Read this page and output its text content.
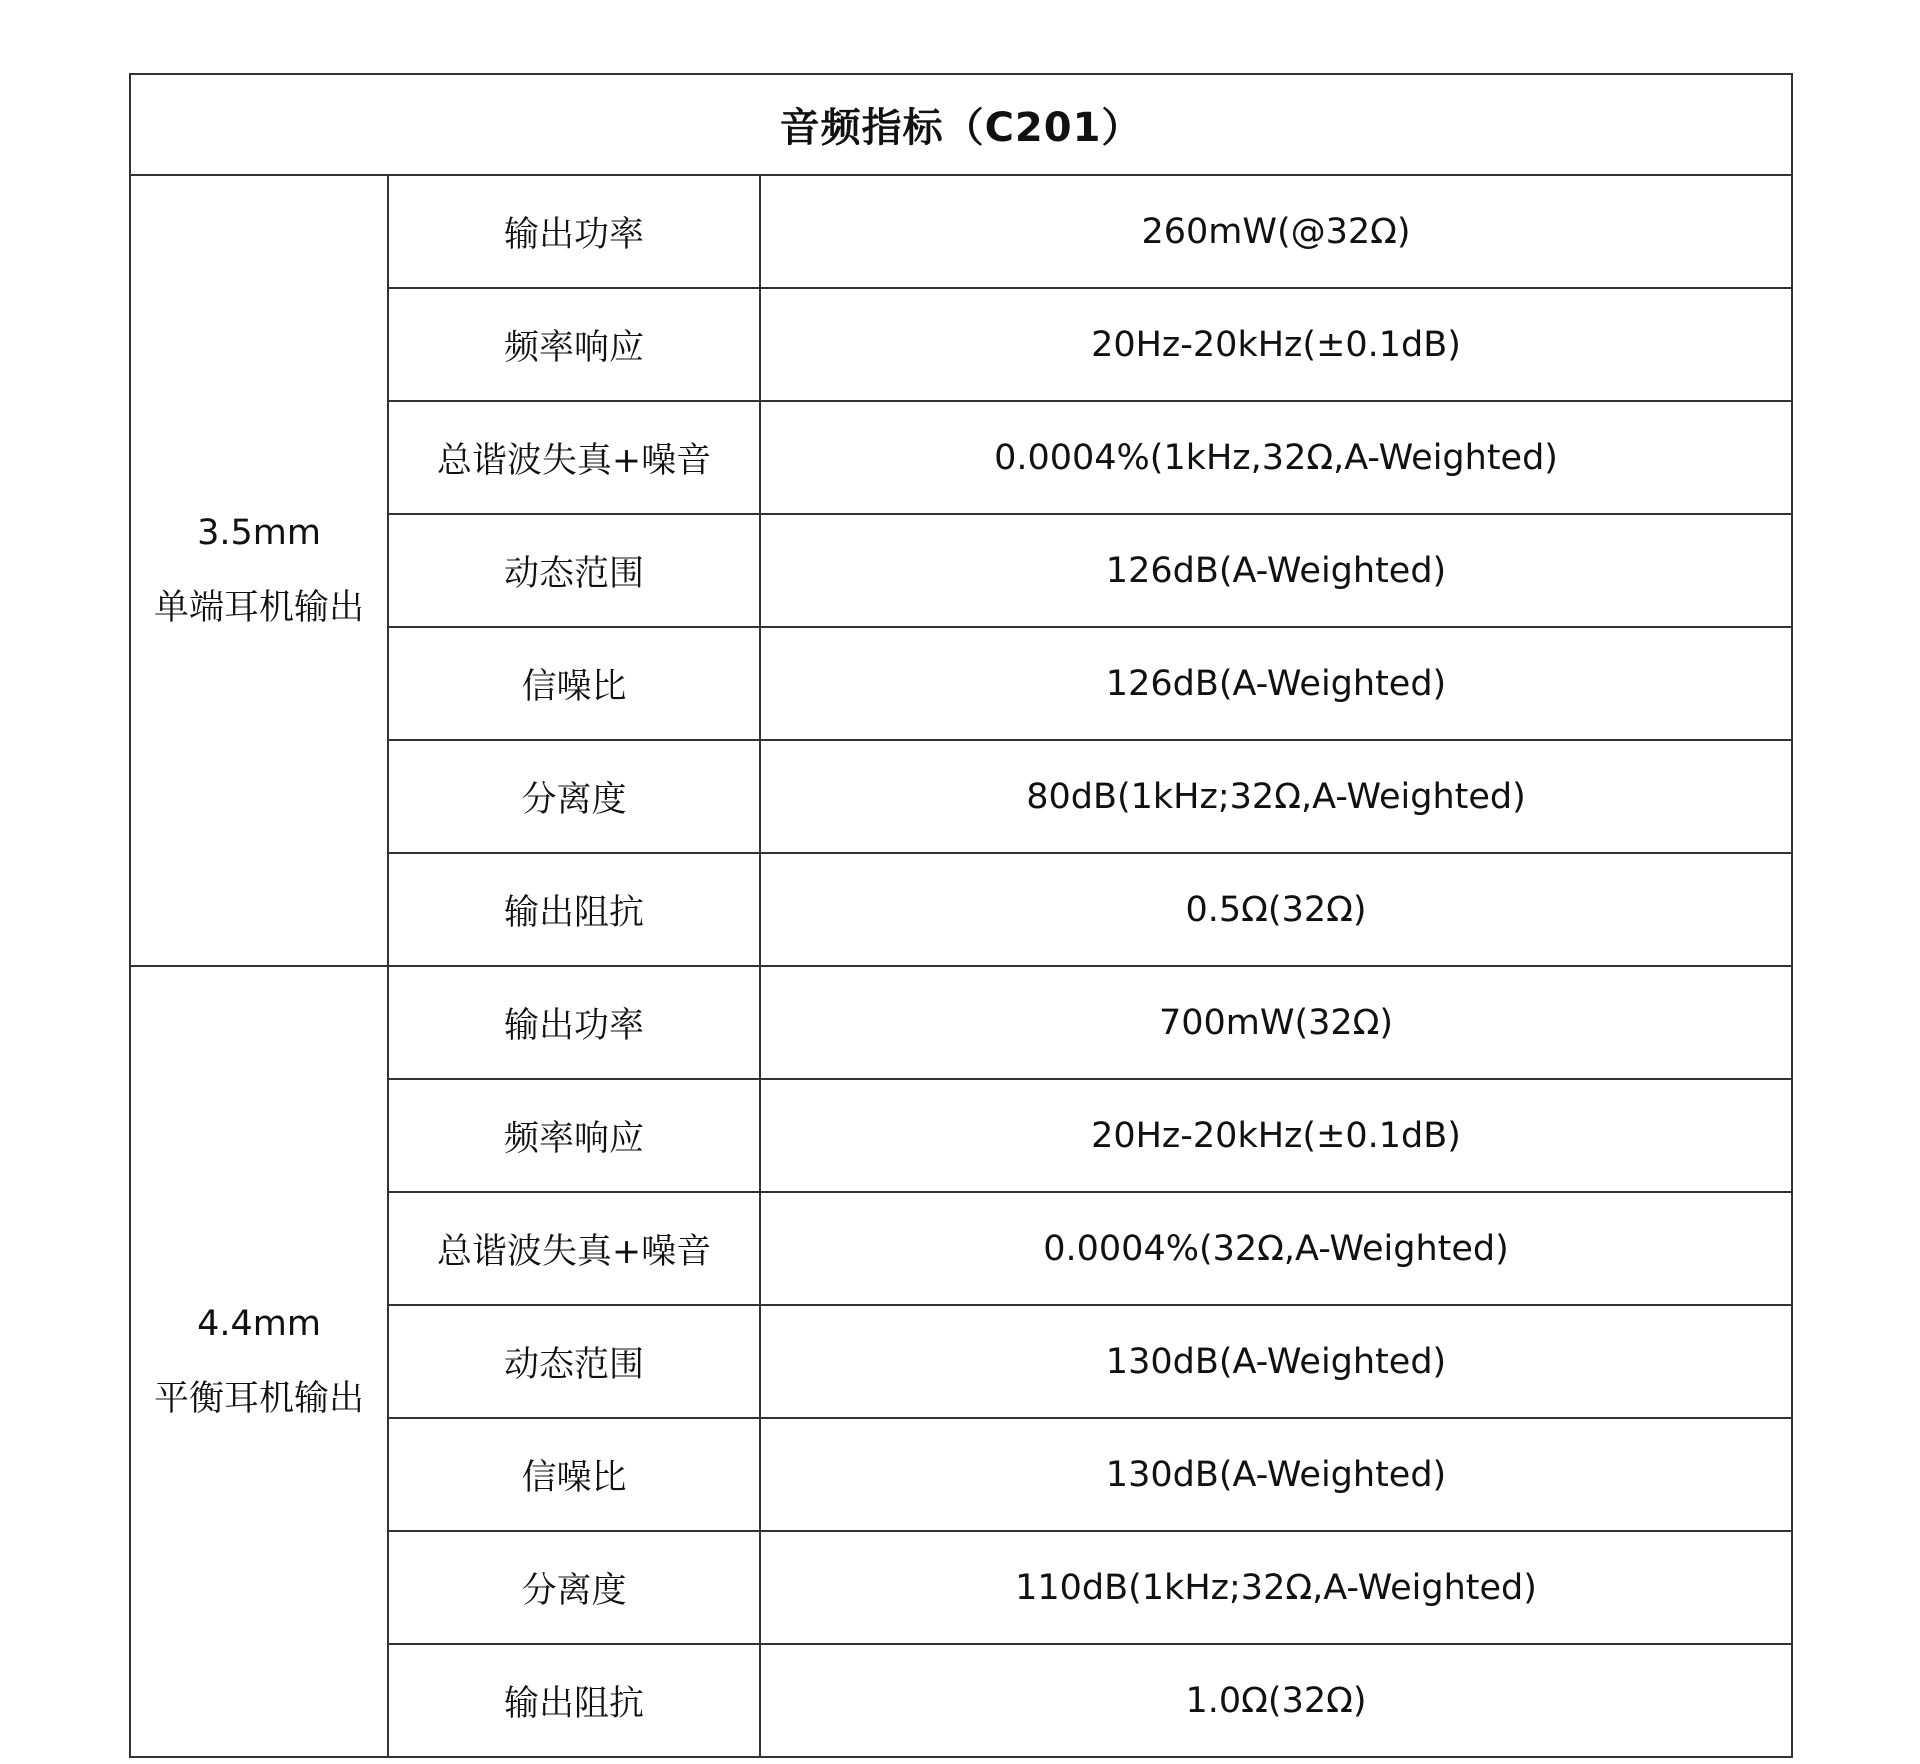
音频指标（C201）		

3.5mm
单端耳机输出	输出功率	260mW(@32Ω)
	频率响应	20Hz-20kHz(±0.1dB)
	总谐波失真+噪音	0.0004%(1kHz,32Ω,A-Weighted)
	动态范围	126dB(A-Weighted)
	信噪比	126dB(A-Weighted)
	分离度	80dB(1kHz;32Ω,A-Weighted)
	输出阻抗	0.5Ω(32Ω)

4.4mm
平衡耳机输出	输出功率	700mW(32Ω)
	频率响应	20Hz-20kHz(±0.1dB)
	总谐波失真+噪音	0.0004%(32Ω,A-Weighted)
	动态范围	130dB(A-Weighted)
	信噪比	130dB(A-Weighted)
	分离度	110dB(1kHz;32Ω,A-Weighted)
	输出阻抗	1.0Ω(32Ω)
